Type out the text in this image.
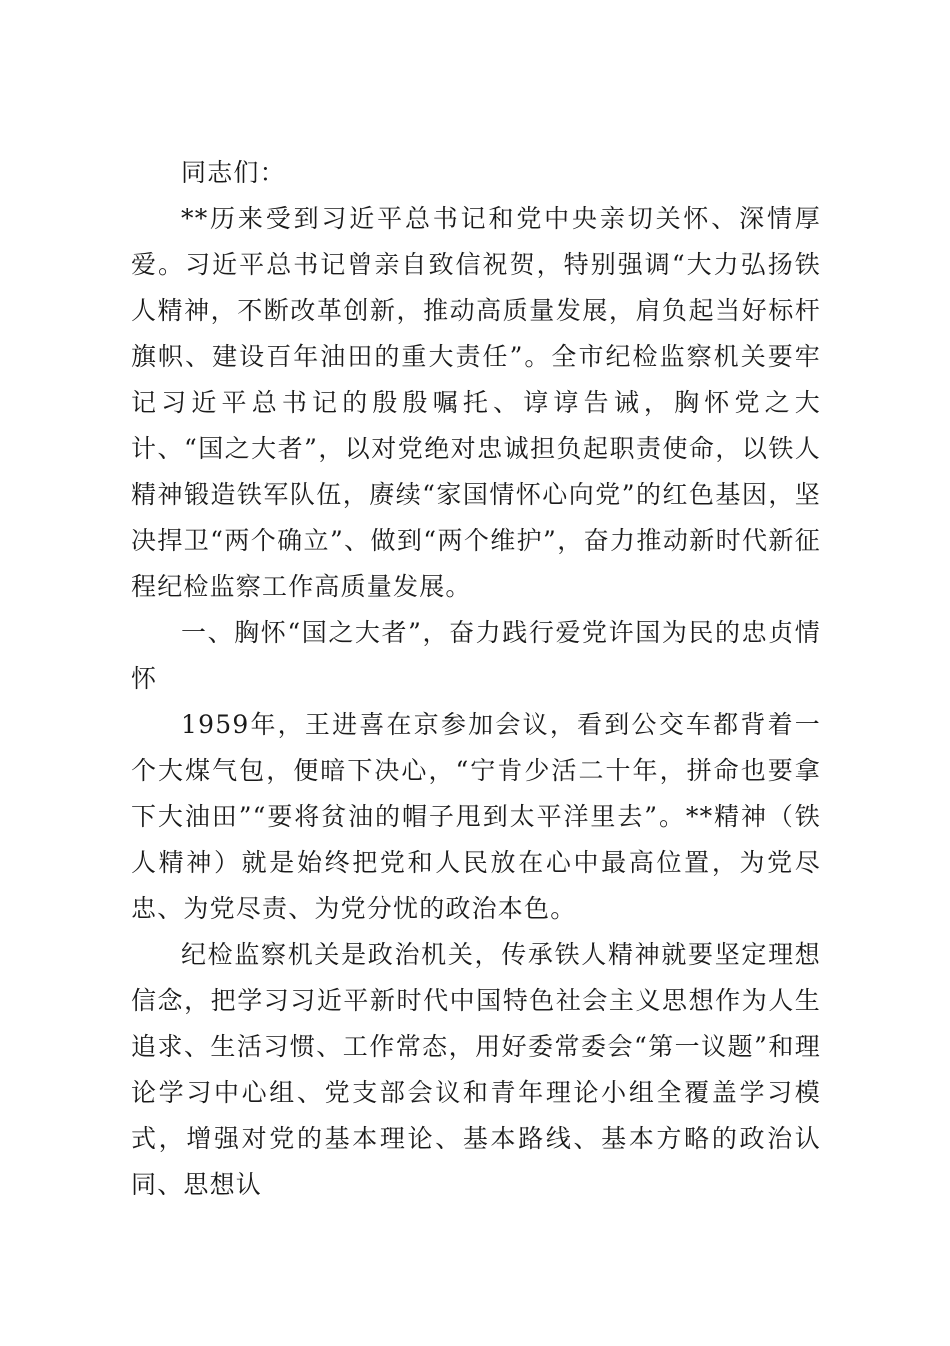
同志们：

**历来受到习近平总书记和党中央亲切关怀、深情厚爱。习近平总书记曾亲自致信祝贺，特别强调“大力弘扬铁人精神，不断改革创新，推动高质量发展，肩负起当好标杆旗帜、建设百年油田的重大责任”。全市纪检监察机关要牢记习近平总书记的殷殷嘱托、谆谆告诫，胸怀党之大计、“国之大者”，以对党绝对忠诚担负起职责使命，以铁人精神锻造铁军队伍，赓续“家国情怀心向党”的红色基因，坚决捍卫“两个确立”、做到“两个维护”，奋力推动新时代新征程纪检监察工作高质量发展。

一、胸怀“国之大者”，奋力践行爱党许国为民的忠贞情怀

1959年，王进喜在京参加会议，看到公交车都背着一个大煤气包，便暗下决心，“宁肯少活二十年，拼命也要拿下大油田”“要将贫油的帽子甩到太平洋里去”。**精神（铁人精神）就是始终把党和人民放在心中最高位置，为党尽忠、为党尽责、为党分忧的政治本色。

纪检监察机关是政治机关，传承铁人精神就要坚定理想信念，把学习习近平新时代中国特色社会主义思想作为人生追求、生活习惯、工作常态，用好委常委会“第一议题”和理论学习中心组、党支部会议和青年理论小组全覆盖学习模式，增强对党的基本理论、基本路线、基本方略的政治认同、思想认
